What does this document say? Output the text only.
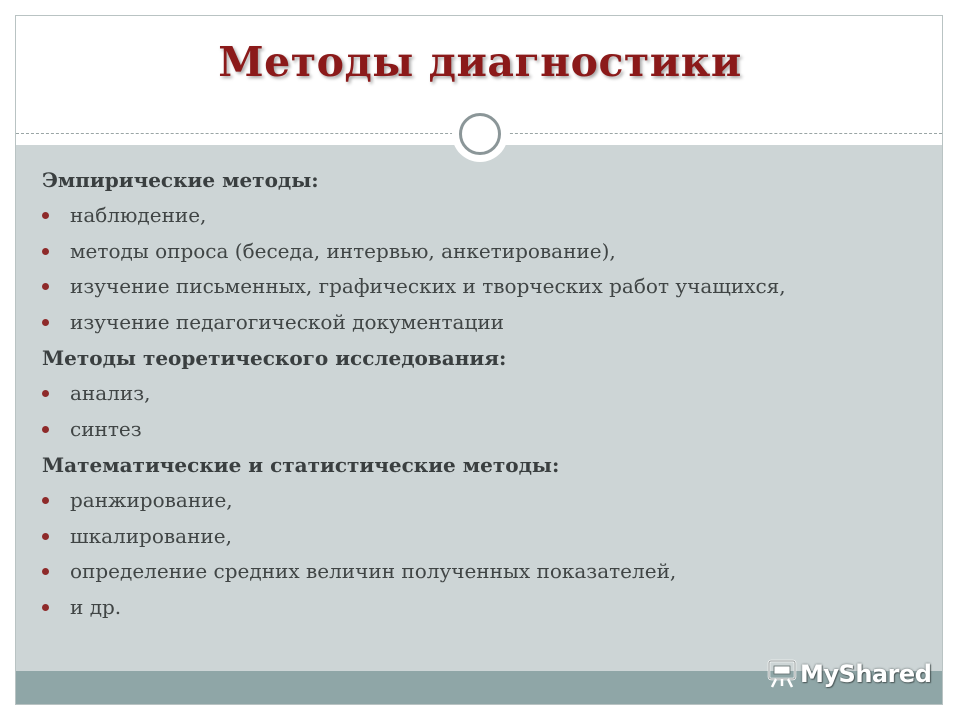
Методы диагностики
Эмпирические методы:
наблюдение,
методы опроса (беседа, интервью, анкетирование),
изучение письменных, графических и творческих работ учащихся,
изучение педагогической документации
Методы теоретического исследования:
анализ,
синтез
Математические и статистические методы:
ранжирование,
шкалирование,
определение средних величин полученных показателей,
и др.
MyShared
